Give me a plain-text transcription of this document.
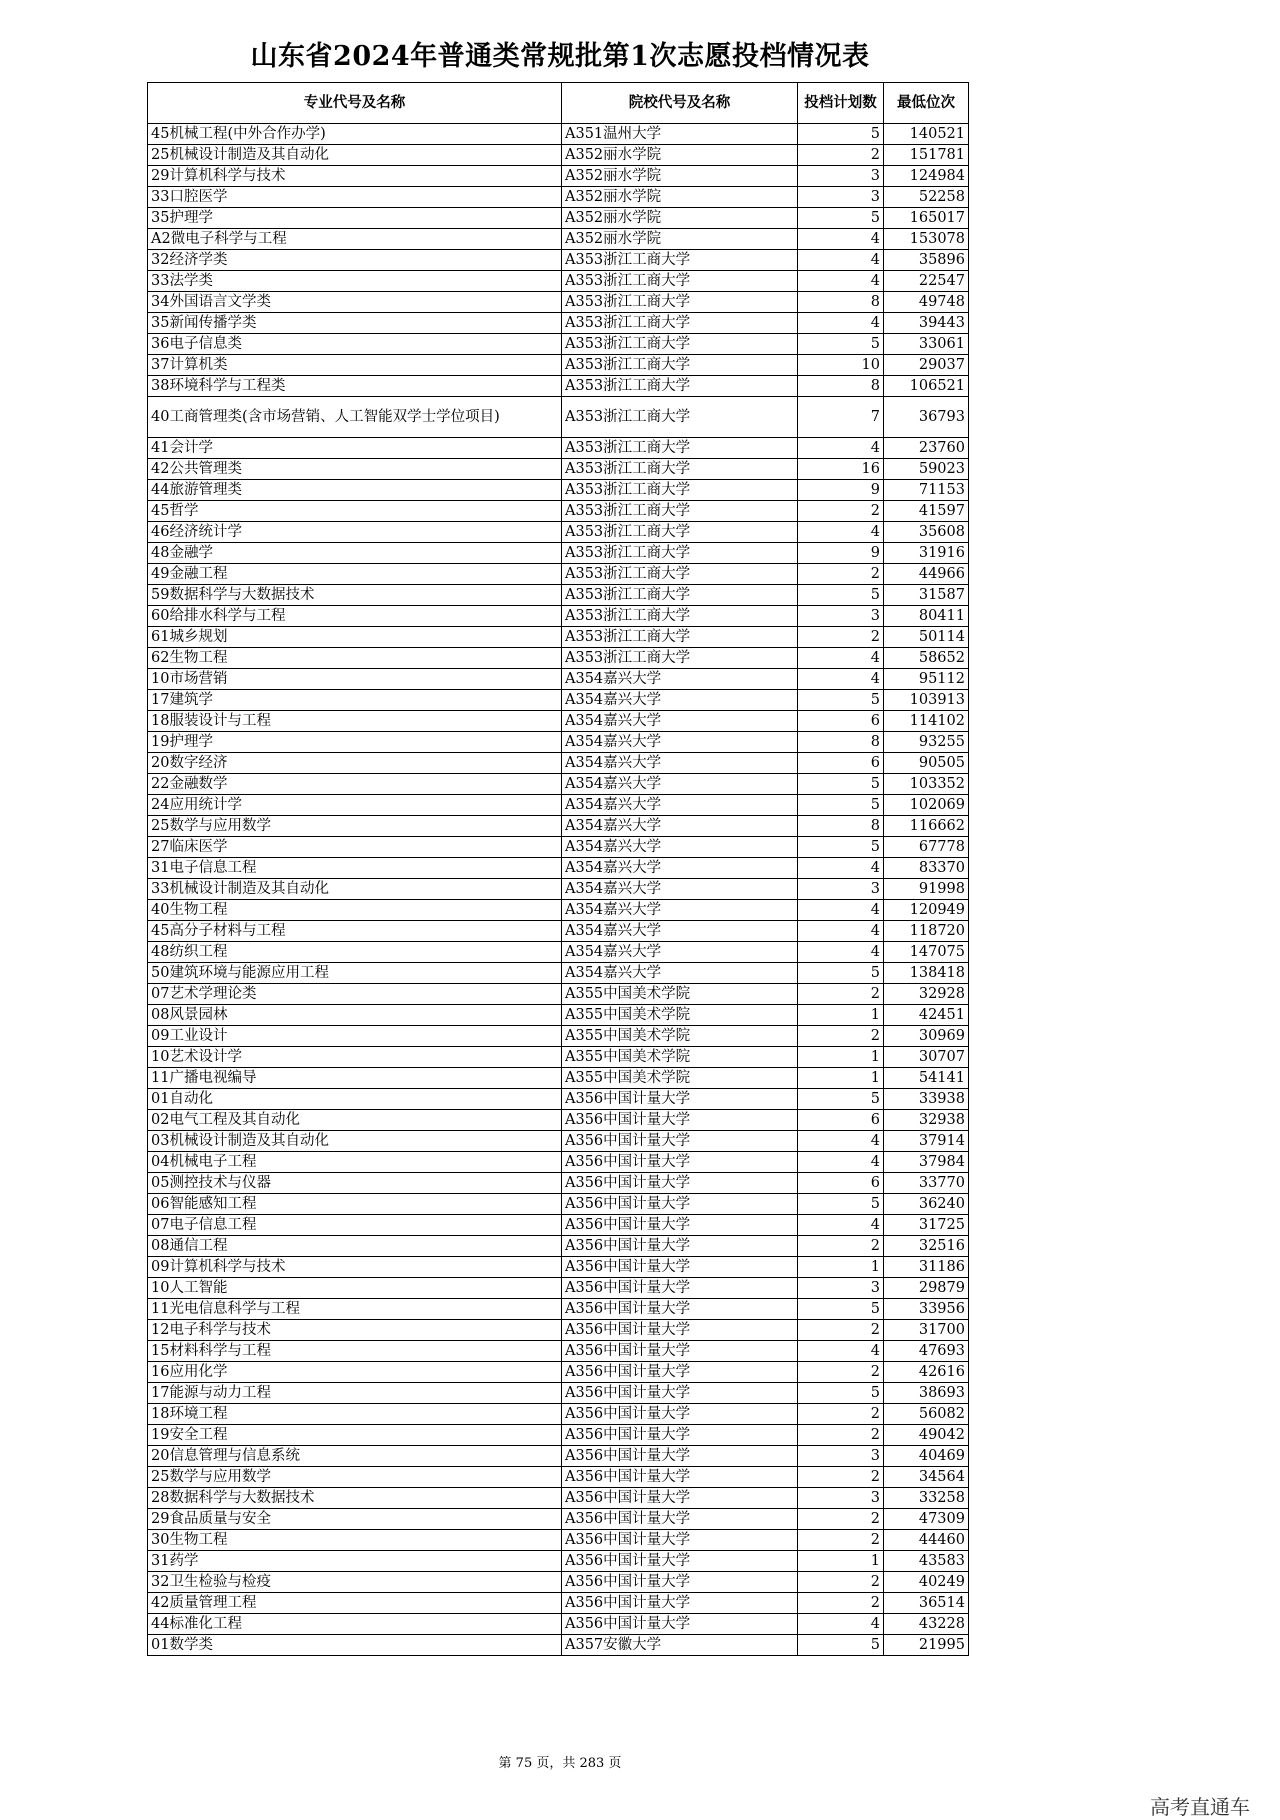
山东省2024年普通类常规批第1次志愿投档情况表
专业代号及名称	院校代号及名称	投档计划数	最低位次
45机械工程(中外合作办学)	A351温州大学	5	140521
25机械设计制造及其自动化	A352丽水学院	2	151781
29计算机科学与技术	A352丽水学院	3	124984
33口腔医学	A352丽水学院	3	52258
35护理学	A352丽水学院	5	165017
A2微电子科学与工程	A352丽水学院	4	153078
32经济学类	A353浙江工商大学	4	35896
33法学类	A353浙江工商大学	4	22547
34外国语言文学类	A353浙江工商大学	8	49748
35新闻传播学类	A353浙江工商大学	4	39443
36电子信息类	A353浙江工商大学	5	33061
37计算机类	A353浙江工商大学	10	29037
38环境科学与工程类	A353浙江工商大学	8	106521
40工商管理类(含市场营销、人工智能双学士学位项目)	A353浙江工商大学	7	36793
41会计学	A353浙江工商大学	4	23760
42公共管理类	A353浙江工商大学	16	59023
44旅游管理类	A353浙江工商大学	9	71153
45哲学	A353浙江工商大学	2	41597
46经济统计学	A353浙江工商大学	4	35608
48金融学	A353浙江工商大学	9	31916
49金融工程	A353浙江工商大学	2	44966
59数据科学与大数据技术	A353浙江工商大学	5	31587
60给排水科学与工程	A353浙江工商大学	3	80411
61城乡规划	A353浙江工商大学	2	50114
62生物工程	A353浙江工商大学	4	58652
10市场营销	A354嘉兴大学	4	95112
17建筑学	A354嘉兴大学	5	103913
18服装设计与工程	A354嘉兴大学	6	114102
19护理学	A354嘉兴大学	8	93255
20数字经济	A354嘉兴大学	6	90505
22金融数学	A354嘉兴大学	5	103352
24应用统计学	A354嘉兴大学	5	102069
25数学与应用数学	A354嘉兴大学	8	116662
27临床医学	A354嘉兴大学	5	67778
31电子信息工程	A354嘉兴大学	4	83370
33机械设计制造及其自动化	A354嘉兴大学	3	91998
40生物工程	A354嘉兴大学	4	120949
45高分子材料与工程	A354嘉兴大学	4	118720
48纺织工程	A354嘉兴大学	4	147075
50建筑环境与能源应用工程	A354嘉兴大学	5	138418
07艺术学理论类	A355中国美术学院	2	32928
08风景园林	A355中国美术学院	1	42451
09工业设计	A355中国美术学院	2	30969
10艺术设计学	A355中国美术学院	1	30707
11广播电视编导	A355中国美术学院	1	54141
01自动化	A356中国计量大学	5	33938
02电气工程及其自动化	A356中国计量大学	6	32938
03机械设计制造及其自动化	A356中国计量大学	4	37914
04机械电子工程	A356中国计量大学	4	37984
05测控技术与仪器	A356中国计量大学	6	33770
06智能感知工程	A356中国计量大学	5	36240
07电子信息工程	A356中国计量大学	4	31725
08通信工程	A356中国计量大学	2	32516
09计算机科学与技术	A356中国计量大学	1	31186
10人工智能	A356中国计量大学	3	29879
11光电信息科学与工程	A356中国计量大学	5	33956
12电子科学与技术	A356中国计量大学	2	31700
15材料科学与工程	A356中国计量大学	4	47693
16应用化学	A356中国计量大学	2	42616
17能源与动力工程	A356中国计量大学	5	38693
18环境工程	A356中国计量大学	2	56082
19安全工程	A356中国计量大学	2	49042
20信息管理与信息系统	A356中国计量大学	3	40469
25数学与应用数学	A356中国计量大学	2	34564
28数据科学与大数据技术	A356中国计量大学	3	33258
29食品质量与安全	A356中国计量大学	2	47309
30生物工程	A356中国计量大学	2	44460
31药学	A356中国计量大学	1	43583
32卫生检验与检疫	A356中国计量大学	2	40249
42质量管理工程	A356中国计量大学	2	36514
44标准化工程	A356中国计量大学	4	43228
01数学类	A357安徽大学	5	21995
第 75 页，共 283 页
高考直通车
